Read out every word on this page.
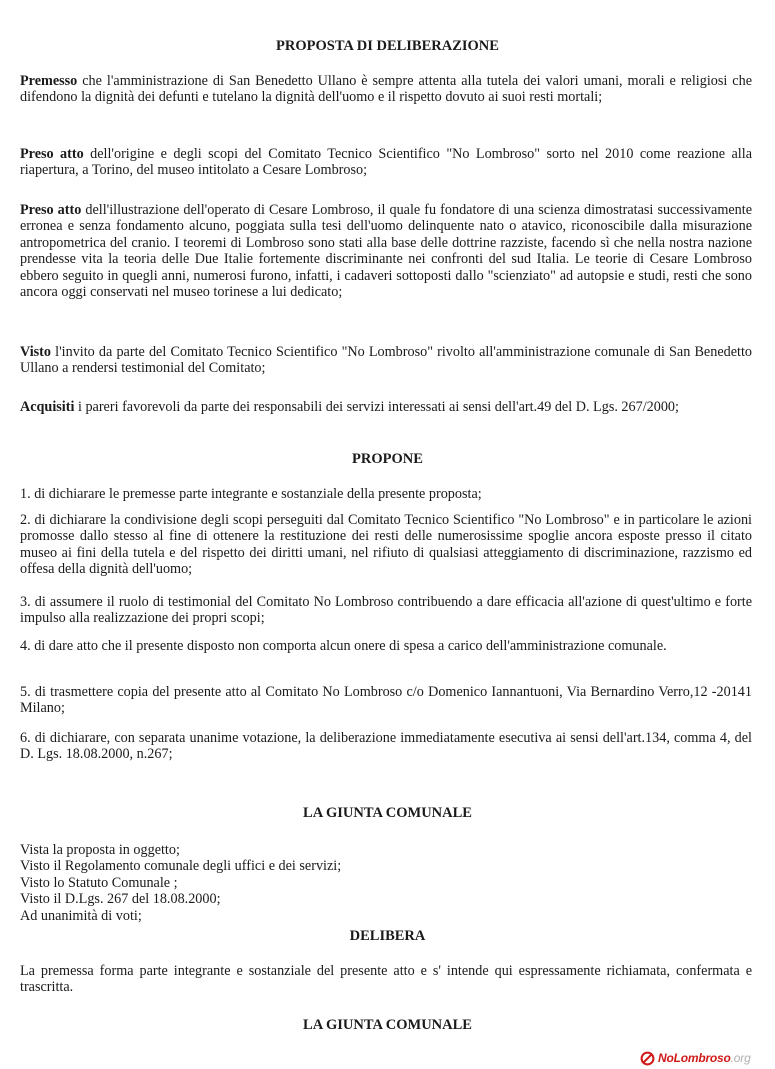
PROPOSTA DI DELIBERAZIONE
Premesso che l'amministrazione di San Benedetto Ullano è sempre attenta alla tutela dei valori umani, morali e religiosi che difendono la dignità dei defunti e tutelano la dignità dell'uomo e il rispetto dovuto ai suoi resti mortali;
Preso atto dell'origine e degli scopi del Comitato Tecnico Scientifico "No Lombroso" sorto nel 2010 come reazione alla riapertura, a Torino, del museo intitolato a Cesare Lombroso;
Preso atto dell'illustrazione dell'operato di Cesare Lombroso, il quale fu fondatore di una scienza dimostratasi successivamente erronea e senza fondamento alcuno, poggiata sulla tesi dell'uomo delinquente nato o atavico, riconoscibile dalla misurazione antropometrica del cranio. I teoremi di Lombroso sono stati alla base delle dottrine razziste, facendo sì che nella nostra nazione prendesse vita la teoria delle Due Italie fortemente discriminante nei confronti del sud Italia. Le teorie di Cesare Lombroso ebbero seguito in quegli anni, numerosi furono, infatti, i cadaveri sottoposti dallo "scienziato" ad autopsie e studi, resti che sono ancora oggi conservati nel museo torinese a lui dedicato;
Visto l'invito da parte del Comitato Tecnico Scientifico "No Lombroso" rivolto all'amministrazione comunale di San Benedetto Ullano a rendersi testimonial del Comitato;
Acquisiti i pareri favorevoli da parte dei responsabili dei servizi interessati ai sensi dell'art.49 del D. Lgs. 267/2000;
PROPONE
1. di dichiarare le premesse parte integrante e sostanziale della presente proposta;
2. di dichiarare la condivisione degli scopi perseguiti dal Comitato Tecnico Scientifico "No Lombroso" e in particolare le azioni promosse dallo stesso al fine di ottenere la restituzione dei resti delle numerosissime spoglie ancora esposte presso il citato museo ai fini della tutela e del rispetto dei diritti umani, nel rifiuto di qualsiasi atteggiamento di discriminazione, razzismo ed offesa della dignità dell'uomo;
3. di assumere il ruolo di testimonial del Comitato No Lombroso contribuendo a dare efficacia all'azione di quest'ultimo e forte impulso alla realizzazione dei propri scopi;
4. di dare atto che il presente disposto non comporta alcun onere di spesa a carico dell'amministrazione comunale.
5. di trasmettere copia del presente atto al Comitato No Lombroso c/o Domenico Iannantuoni, Via Bernardino Verro,12 -20141 Milano;
6. di dichiarare, con separata unanime votazione, la deliberazione immediatamente esecutiva ai sensi dell'art.134, comma 4, del D. Lgs. 18.08.2000, n.267;
LA GIUNTA COMUNALE
Vista la proposta in oggetto;
Visto il Regolamento comunale degli uffici e dei servizi;
Visto lo Statuto Comunale ;
Visto il D.Lgs. 267 del 18.08.2000;
Ad unanimità di voti;
DELIBERA
La premessa forma parte integrante e sostanziale del presente atto e s' intende qui espressamente richiamata, confermata e trascritta.
LA GIUNTA COMUNALE
NoLombroso.org
